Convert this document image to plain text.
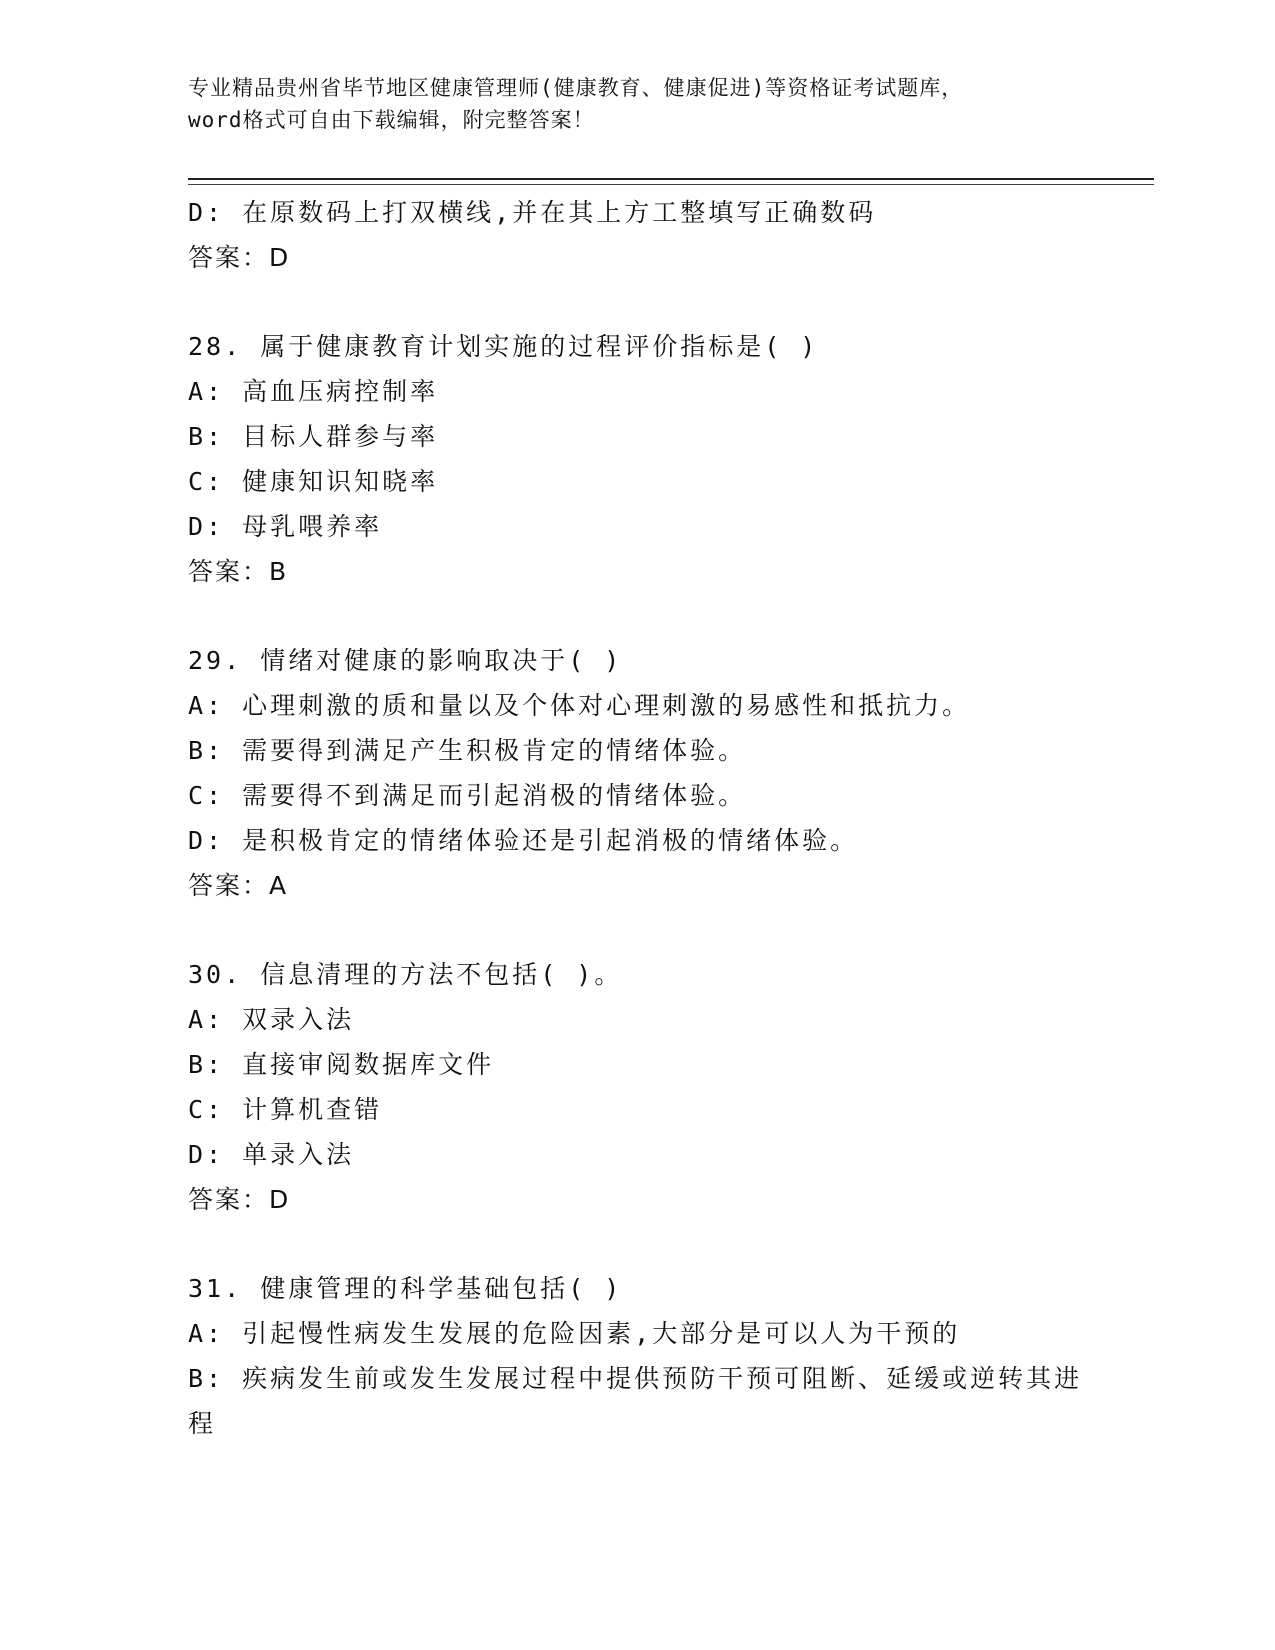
专业精品贵州省毕节地区健康管理师(健康教育、健康促进)等资格证考试题库，
word格式可自由下载编辑，附完整答案！
D: 在原数码上打双横线,并在其上方工整填写正确数码
答案：D
28. 属于健康教育计划实施的过程评价指标是( )
A: 高血压病控制率
B: 目标人群参与率
C: 健康知识知晓率
D: 母乳喂养率
答案：B
29. 情绪对健康的影响取决于( )
A: 心理刺激的质和量以及个体对心理刺激的易感性和抵抗力。
B: 需要得到满足产生积极肯定的情绪体验。
C: 需要得不到满足而引起消极的情绪体验。
D: 是积极肯定的情绪体验还是引起消极的情绪体验。
答案：A
30. 信息清理的方法不包括( )。
A: 双录入法
B: 直接审阅数据库文件
C: 计算机查错
D: 单录入法
答案：D
31. 健康管理的科学基础包括( )
A: 引起慢性病发生发展的危险因素,大部分是可以人为干预的
B: 疾病发生前或发生发展过程中提供预防干预可阻断、延缓或逆转其进程
